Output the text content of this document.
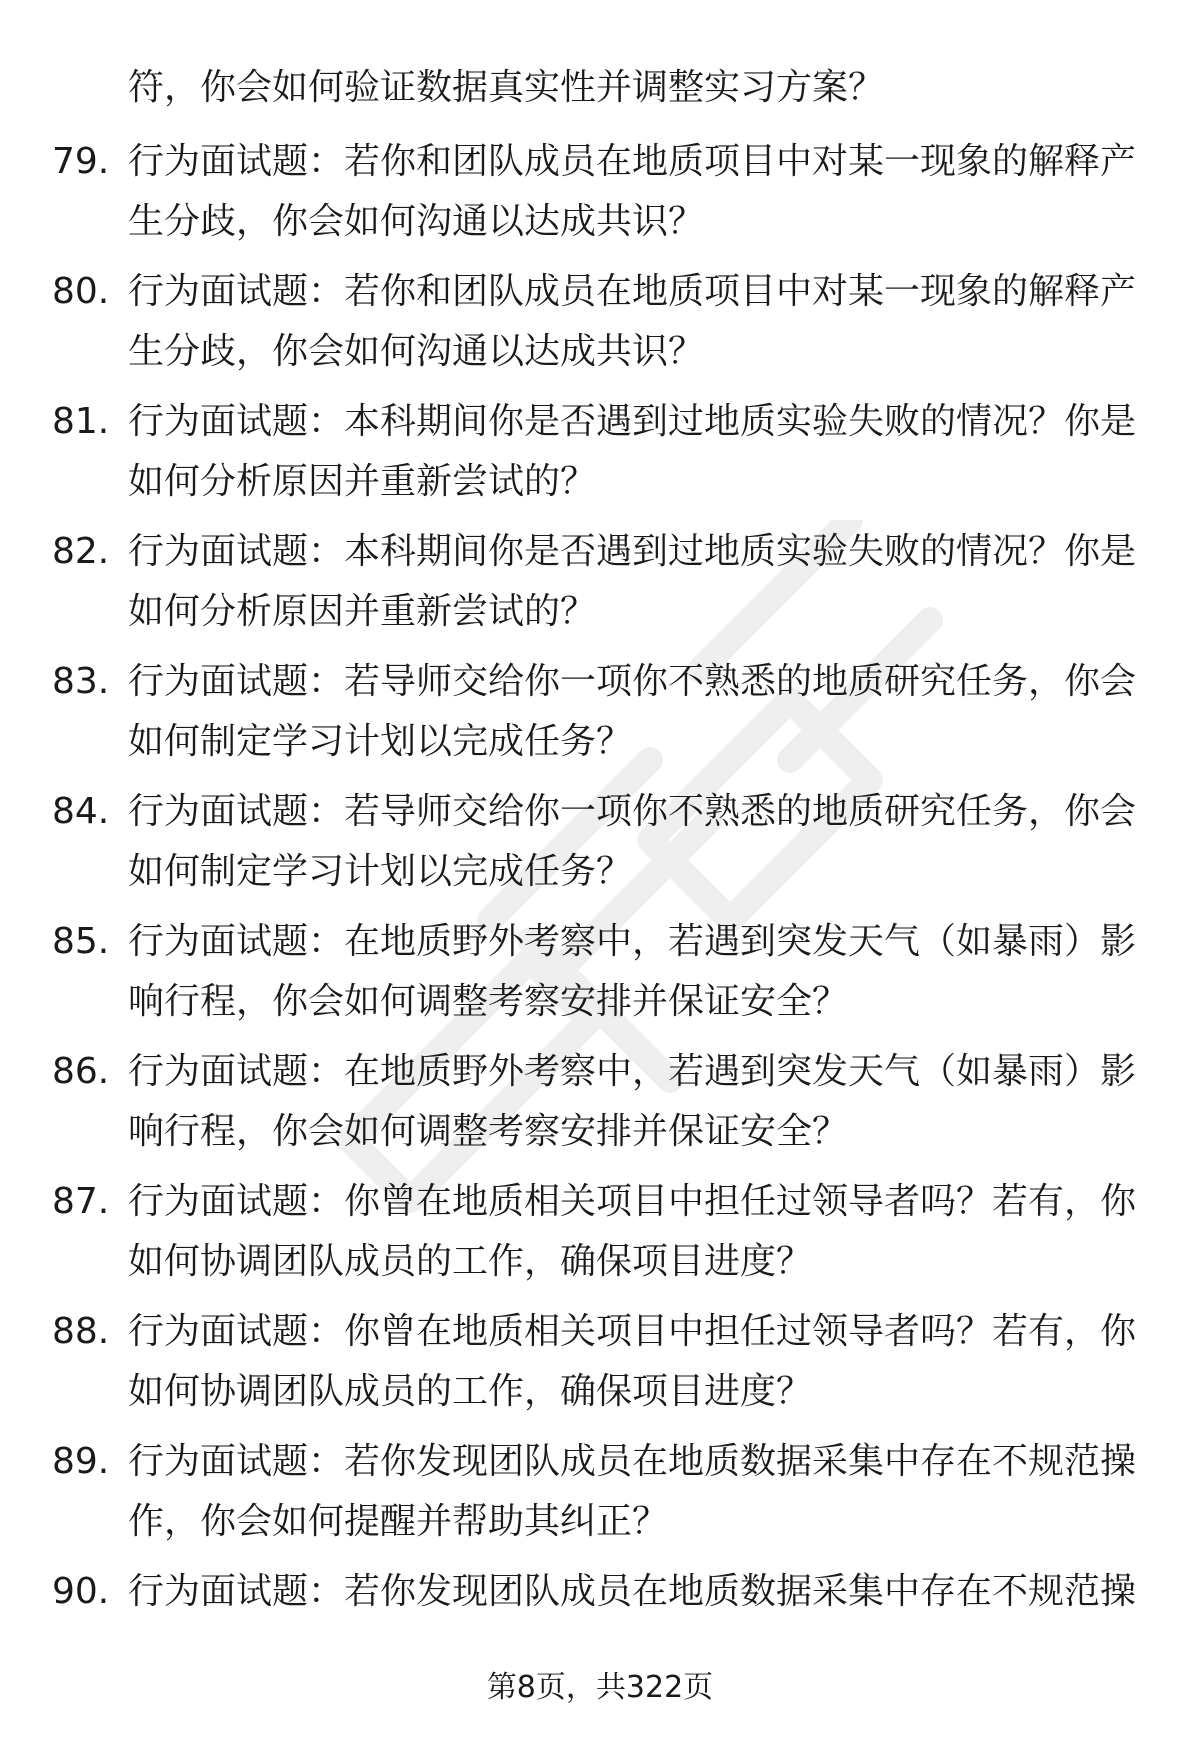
符，你会如何验证数据真实性并调整实习方案？
79. 行为面试题：若你和团队成员在地质项目中对某一现象的解释产
生分歧，你会如何沟通以达成共识？
80. 行为面试题：若你和团队成员在地质项目中对某一现象的解释产
生分歧，你会如何沟通以达成共识？
81. 行为面试题：本科期间你是否遇到过地质实验失败的情况？你是
如何分析原因并重新尝试的？
82. 行为面试题：本科期间你是否遇到过地质实验失败的情况？你是
如何分析原因并重新尝试的？
83. 行为面试题：若导师交给你一项你不熟悉的地质研究任务，你会
如何制定学习计划以完成任务？
84. 行为面试题：若导师交给你一项你不熟悉的地质研究任务，你会
如何制定学习计划以完成任务？
85. 行为面试题：在地质野外考察中，若遇到突发天气（如暴雨）影
响行程，你会如何调整考察安排并保证安全？
86. 行为面试题：在地质野外考察中，若遇到突发天气（如暴雨）影
响行程，你会如何调整考察安排并保证安全？
87. 行为面试题：你曾在地质相关项目中担任过领导者吗？若有，你
如何协调团队成员的工作，确保项目进度？
88. 行为面试题：你曾在地质相关项目中担任过领导者吗？若有，你
如何协调团队成员的工作，确保项目进度？
89. 行为面试题：若你发现团队成员在地质数据采集中存在不规范操
作，你会如何提醒并帮助其纠正？
90. 行为面试题：若你发现团队成员在地质数据采集中存在不规范操
第8页，共322页
